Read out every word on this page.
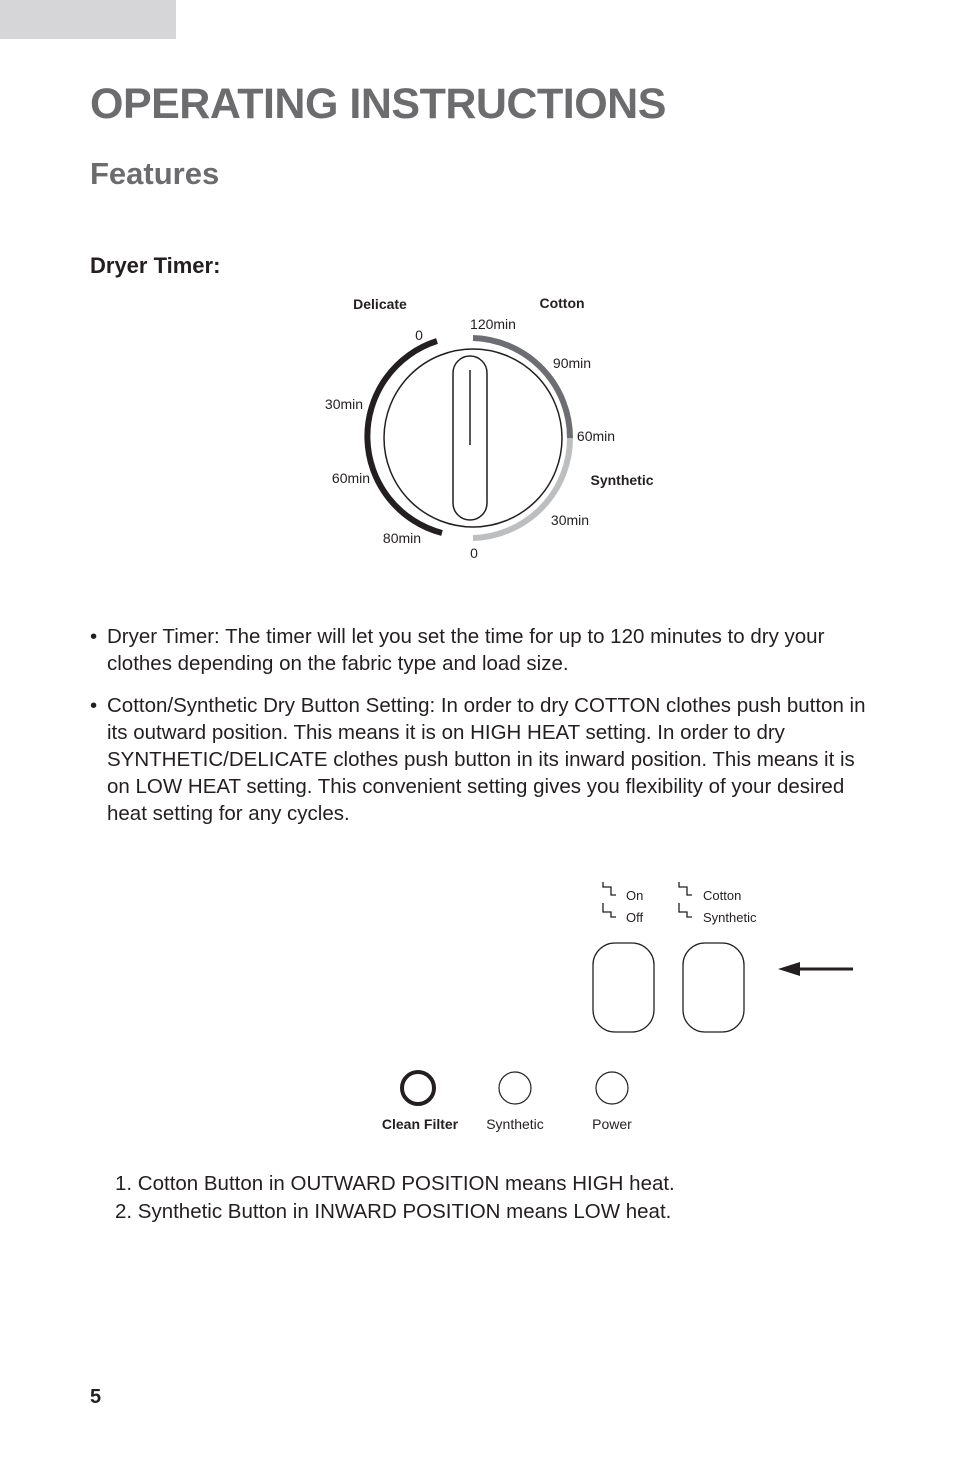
OPERATING INSTRUCTIONS
Features
Dryer Timer:
Delicate	Cotton
Synthetic
0
120min
90min
60min
30min
0
80min
60min
30min
• Dryer Timer: The timer will let you set the time for up to 120 minutes to dry your clothes depending on the fabric type and load size.
• Cotton/Synthetic Dry Button Setting: In order to dry COTTON clothes push button in its outward position. This means it is on HIGH HEAT setting. In order to dry SYNTHETIC/DELICATE clothes push button in its inward position. This means it is on LOW HEAT setting. This convenient setting gives you flexibility of your desired heat setting for any cycles.
On
Off
Cotton
Synthetic
Clean Filter Synthetic	Power
1. Cotton Button in OUTWARD POSITION means HIGH heat.
2. Synthetic Button in INWARD POSITION means LOW heat.
5
